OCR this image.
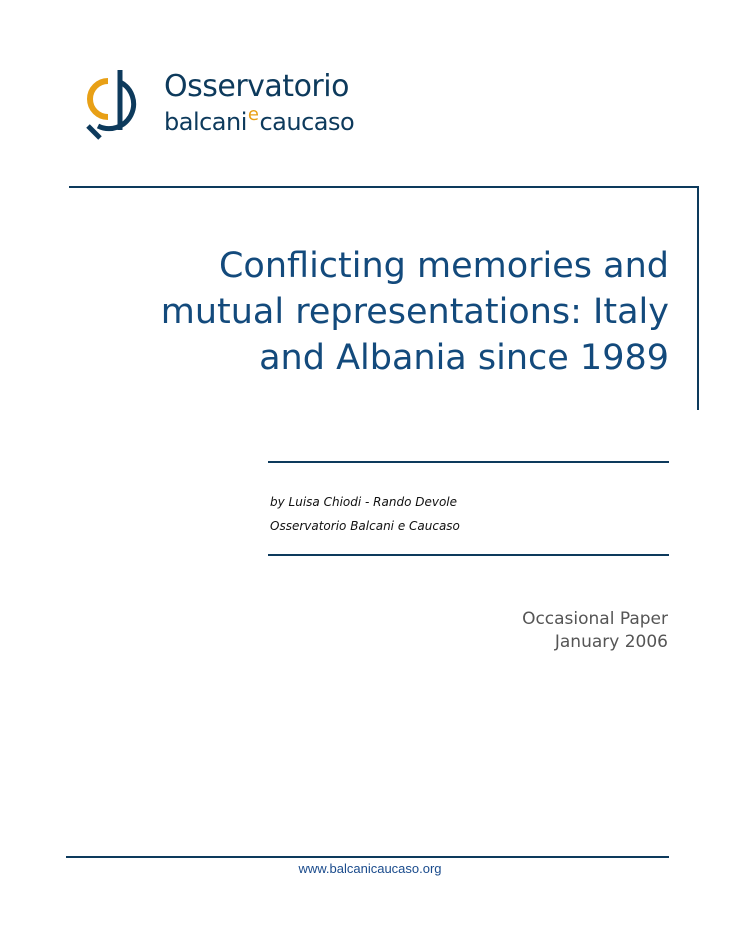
Osservatorio
balcani$^e$caucaso
Conflicting memories and
mutual representations: Italy
and Albania since 1989
by Luisa Chiodi - Rando Devole
Osservatorio Balcani e Caucaso
Occasional Paper
January 2006
www.balcanicaucaso.org
